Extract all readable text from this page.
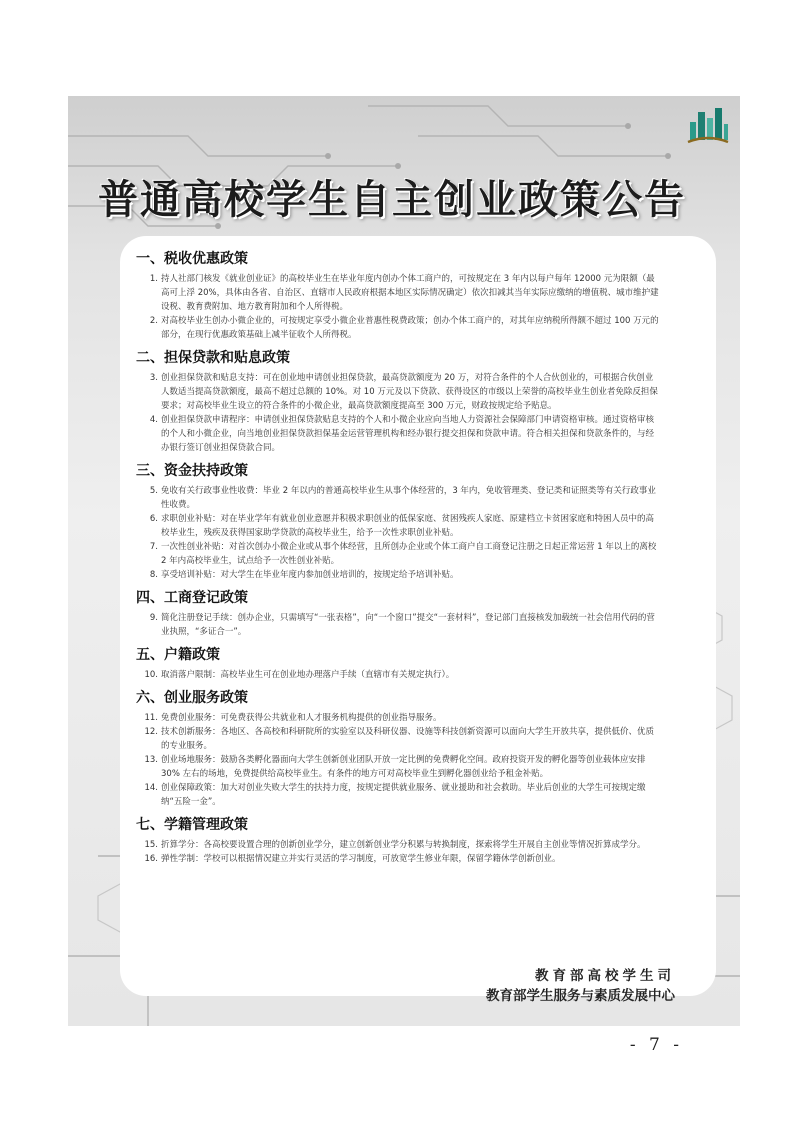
普通高校学生自主创业政策公告
一、税收优惠政策
1. 持人社部门核发《就业创业证》的高校毕业生在毕业年度内创办个体工商户的，可按规定在 3 年内以每户每年 12000 元为限额（最高可上浮 20%，具体由各省、自治区、直辖市人民政府根据本地区实际情况确定）依次扣减其当年实际应缴纳的增值税、城市维护建设税、教育费附加、地方教育附加和个人所得税。
2. 对高校毕业生创办小微企业的，可按规定享受小微企业普惠性税费政策；创办个体工商户的，对其年应纳税所得额不超过 100 万元的部分，在现行优惠政策基础上减半征收个人所得税。
二、担保贷款和贴息政策
3. 创业担保贷款和贴息支持：可在创业地申请创业担保贷款，最高贷款额度为 20 万，对符合条件的个人合伙创业的，可根据合伙创业人数适当提高贷款额度，最高不超过总额的 10%。对 10 万元及以下贷款、获得设区的市级以上荣誉的高校毕业生创业者免除反担保要求；对高校毕业生设立的符合条件的小微企业，最高贷款额度提高至 300 万元，财政按规定给予贴息。
4. 创业担保贷款申请程序：申请创业担保贷款贴息支持的个人和小微企业应向当地人力资源社会保障部门申请资格审核。通过资格审核的个人和小微企业，向当地创业担保贷款担保基金运营管理机构和经办银行提交担保和贷款申请。符合相关担保和贷款条件的，与经办银行签订创业担保贷款合同。
三、资金扶持政策
5. 免收有关行政事业性收费：毕业 2 年以内的普通高校毕业生从事个体经营的，3 年内，免收管理类、登记类和证照类等有关行政事业性收费。
6. 求职创业补贴：对在毕业学年有就业创业意愿并积极求职创业的低保家庭、贫困残疾人家庭、原建档立卡贫困家庭和特困人员中的高校毕业生，残疾及获得国家助学贷款的高校毕业生，给予一次性求职创业补贴。
7. 一次性创业补贴：对首次创办小微企业或从事个体经营，且所创办企业或个体工商户自工商登记注册之日起正常运营 1 年以上的离校 2 年内高校毕业生，试点给予一次性创业补贴。
8. 享受培训补贴：对大学生在毕业年度内参加创业培训的，按规定给予培训补贴。
四、工商登记政策
9. 简化注册登记手续：创办企业，只需填写“一张表格”，向“一个窗口”提交“一套材料”，登记部门直接核发加载统一社会信用代码的营业执照，“多证合一”。
五、户籍政策
10. 取消落户限制：高校毕业生可在创业地办理落户手续（直辖市有关规定执行）。
六、创业服务政策
11. 免费创业服务：可免费获得公共就业和人才服务机构提供的创业指导服务。
12. 技术创新服务：各地区、各高校和科研院所的实验室以及科研仪器、设施等科技创新资源可以面向大学生开放共享，提供低价、优质的专业服务。
13. 创业场地服务：鼓励各类孵化器面向大学生创新创业团队开放一定比例的免费孵化空间。政府投资开发的孵化器等创业载体应安排 30% 左右的场地，免费提供给高校毕业生。有条件的地方可对高校毕业生到孵化器创业给予租金补贴。
14. 创业保障政策：加大对创业失败大学生的扶持力度，按规定提供就业服务、就业援助和社会救助。毕业后创业的大学生可按规定缴纳“五险一金”。
七、学籍管理政策
15. 折算学分：各高校要设置合理的创新创业学分，建立创新创业学分积累与转换制度，探索将学生开展自主创业等情况折算成学分。
16. 弹性学制：学校可以根据情况建立并实行灵活的学习制度，可放宽学生修业年限，保留学籍休学创新创业。
教育部高校学生司
教育部学生服务与素质发展中心
- 7 -
